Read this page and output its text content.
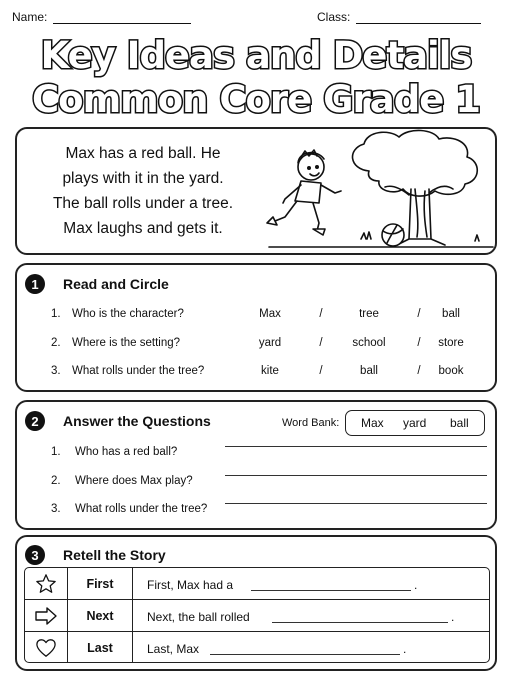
Name:	Class:
Key Ideas and Details
Common Core Grade 1
Max has a red ball. He
plays with it in the yard.
The ball rolls under a tree.
Max laughs and gets it.
1	Read and Circle
1. Who is the character?	Max	/	tree	/	ball
2. Where is the setting?	yard	/	school	/	store
3. What rolls under the tree?	kite	/	ball	/	book
2	Answer the Questions	Word Bank: Max yard ball
1. Who has a red ball?
2. Where does Max play?
3. What rolls under the tree?
3	Retell the Story
First	First, Max had a	.
Next	Next, the ball rolled	.
Last	Last, Max	.
